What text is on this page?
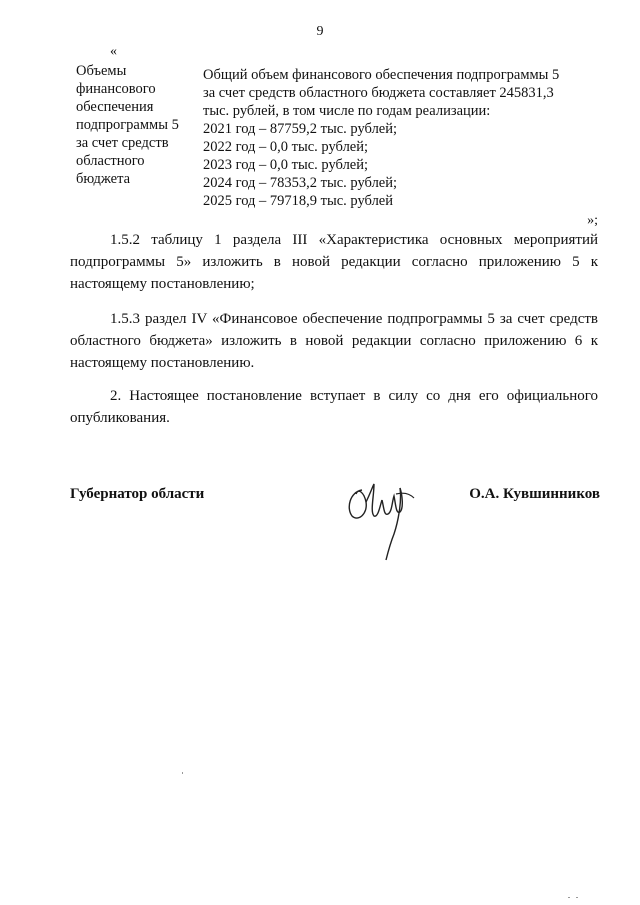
9
«
Объемы
финансового
обеспечения
подпрограммы 5
за счет средств
областного
бюджета
Общий объем финансового обеспечения подпрограммы 5
за счет средств областного бюджета составляет 245831,3
тыс. рублей, в том числе по годам реализации:
2021 год – 87759,2 тыс. рублей;
2022 год – 0,0 тыс. рублей;
2023 год – 0,0 тыс. рублей;
2024 год – 78353,2 тыс. рублей;
2025 год – 79718,9 тыс. рублей
»;
1.5.2 таблицу 1 раздела III «Характеристика основных мероприятий подпрограммы 5» изложить в новой редакции согласно приложению 5 к настоящему постановлению;
1.5.3 раздел IV «Финансовое обеспечение подпрограммы 5 за счет средств областного бюджета» изложить в новой редакции согласно приложению 6 к настоящему постановлению.
2. Настоящее постановление вступает в силу со дня его официального опубликования.
Губернатор области	О.А. Кувшинников
